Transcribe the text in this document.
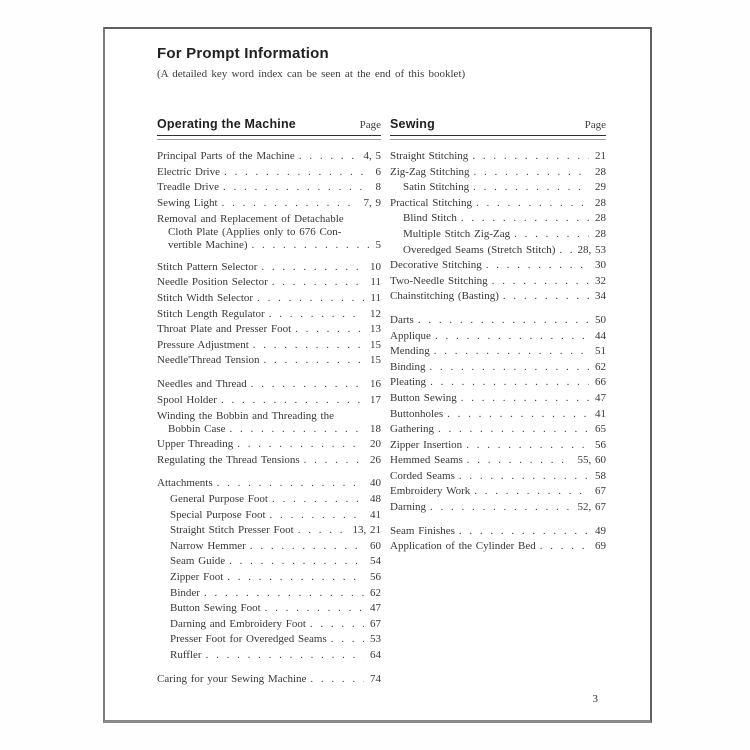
For Prompt Information

(A detailed key word index can be seen at the end of this booklet)

Operating the Machine	Page
Principal Parts of the Machine . .	4, 5
Electric Drive . .	6
Treadle Drive . .	8
Sewing Light . .	7, 9
Removal and Replacement of Detachable
Cloth Plate (Applies only to 676 Con-
vertible Machine) . .	5
Stitch Pattern Selector . .	10
Needle Position Selector . .	11
Stitch Width Selector . .	11
Stitch Length Regulator . .	12
Throat Plate and Presser Foot . .	13
Pressure Adjustment . .	15
Needle'Thread Tension . .	15
Needles and Thread . .	16
Spool Holder . .	17
Winding the Bobbin and Threading the
Bobbin Case . .	18
Upper Threading . .	20
Regulating the Thread Tensions . .	26
Attachments . .	40
General Purpose Foot . .	48
Special Purpose Foot . .	41
Straight Stitch Presser Foot . .	13, 21
Narrow Hemmer . .	60
Seam Guide . .	54
Zipper Foot . .	56
Binder . .	62
Button Sewing Foot . .	47
Darning and Embroidery Foot . .	67
Presser Foot for Overedged Seams . .	53
Ruffler . .	64
Caring for your Sewing Machine . .	74
Sewing	Page
Straight Stitching . .	21
Zig-Zag Stitching . .	28
Satin Stitching . .	29
Practical Stitching . .	28
Blind Stitch . .	28
Multiple Stitch Zig-Zag . .	28
Overedged Seams (Stretch Stitch) . .	28, 53
Decorative Stitching . .	30
Two-Needle Stitching . .	32
Chainstitching (Basting) . .	34
Darts . .	50
Applique . .	44
Mending . .	51
Binding . .	62
Pleating . .	66
Button Sewing . .	47
Buttonholes . .	41
Gathering . .	65
Zipper Insertion . .	56
Hemmed Seams . .	55, 60
Corded Seams . .	58
Embroidery Work . .	67
Darning . .	52, 67
Seam Finishes . .	49
Application of the Cylinder Bed . .	69
3
